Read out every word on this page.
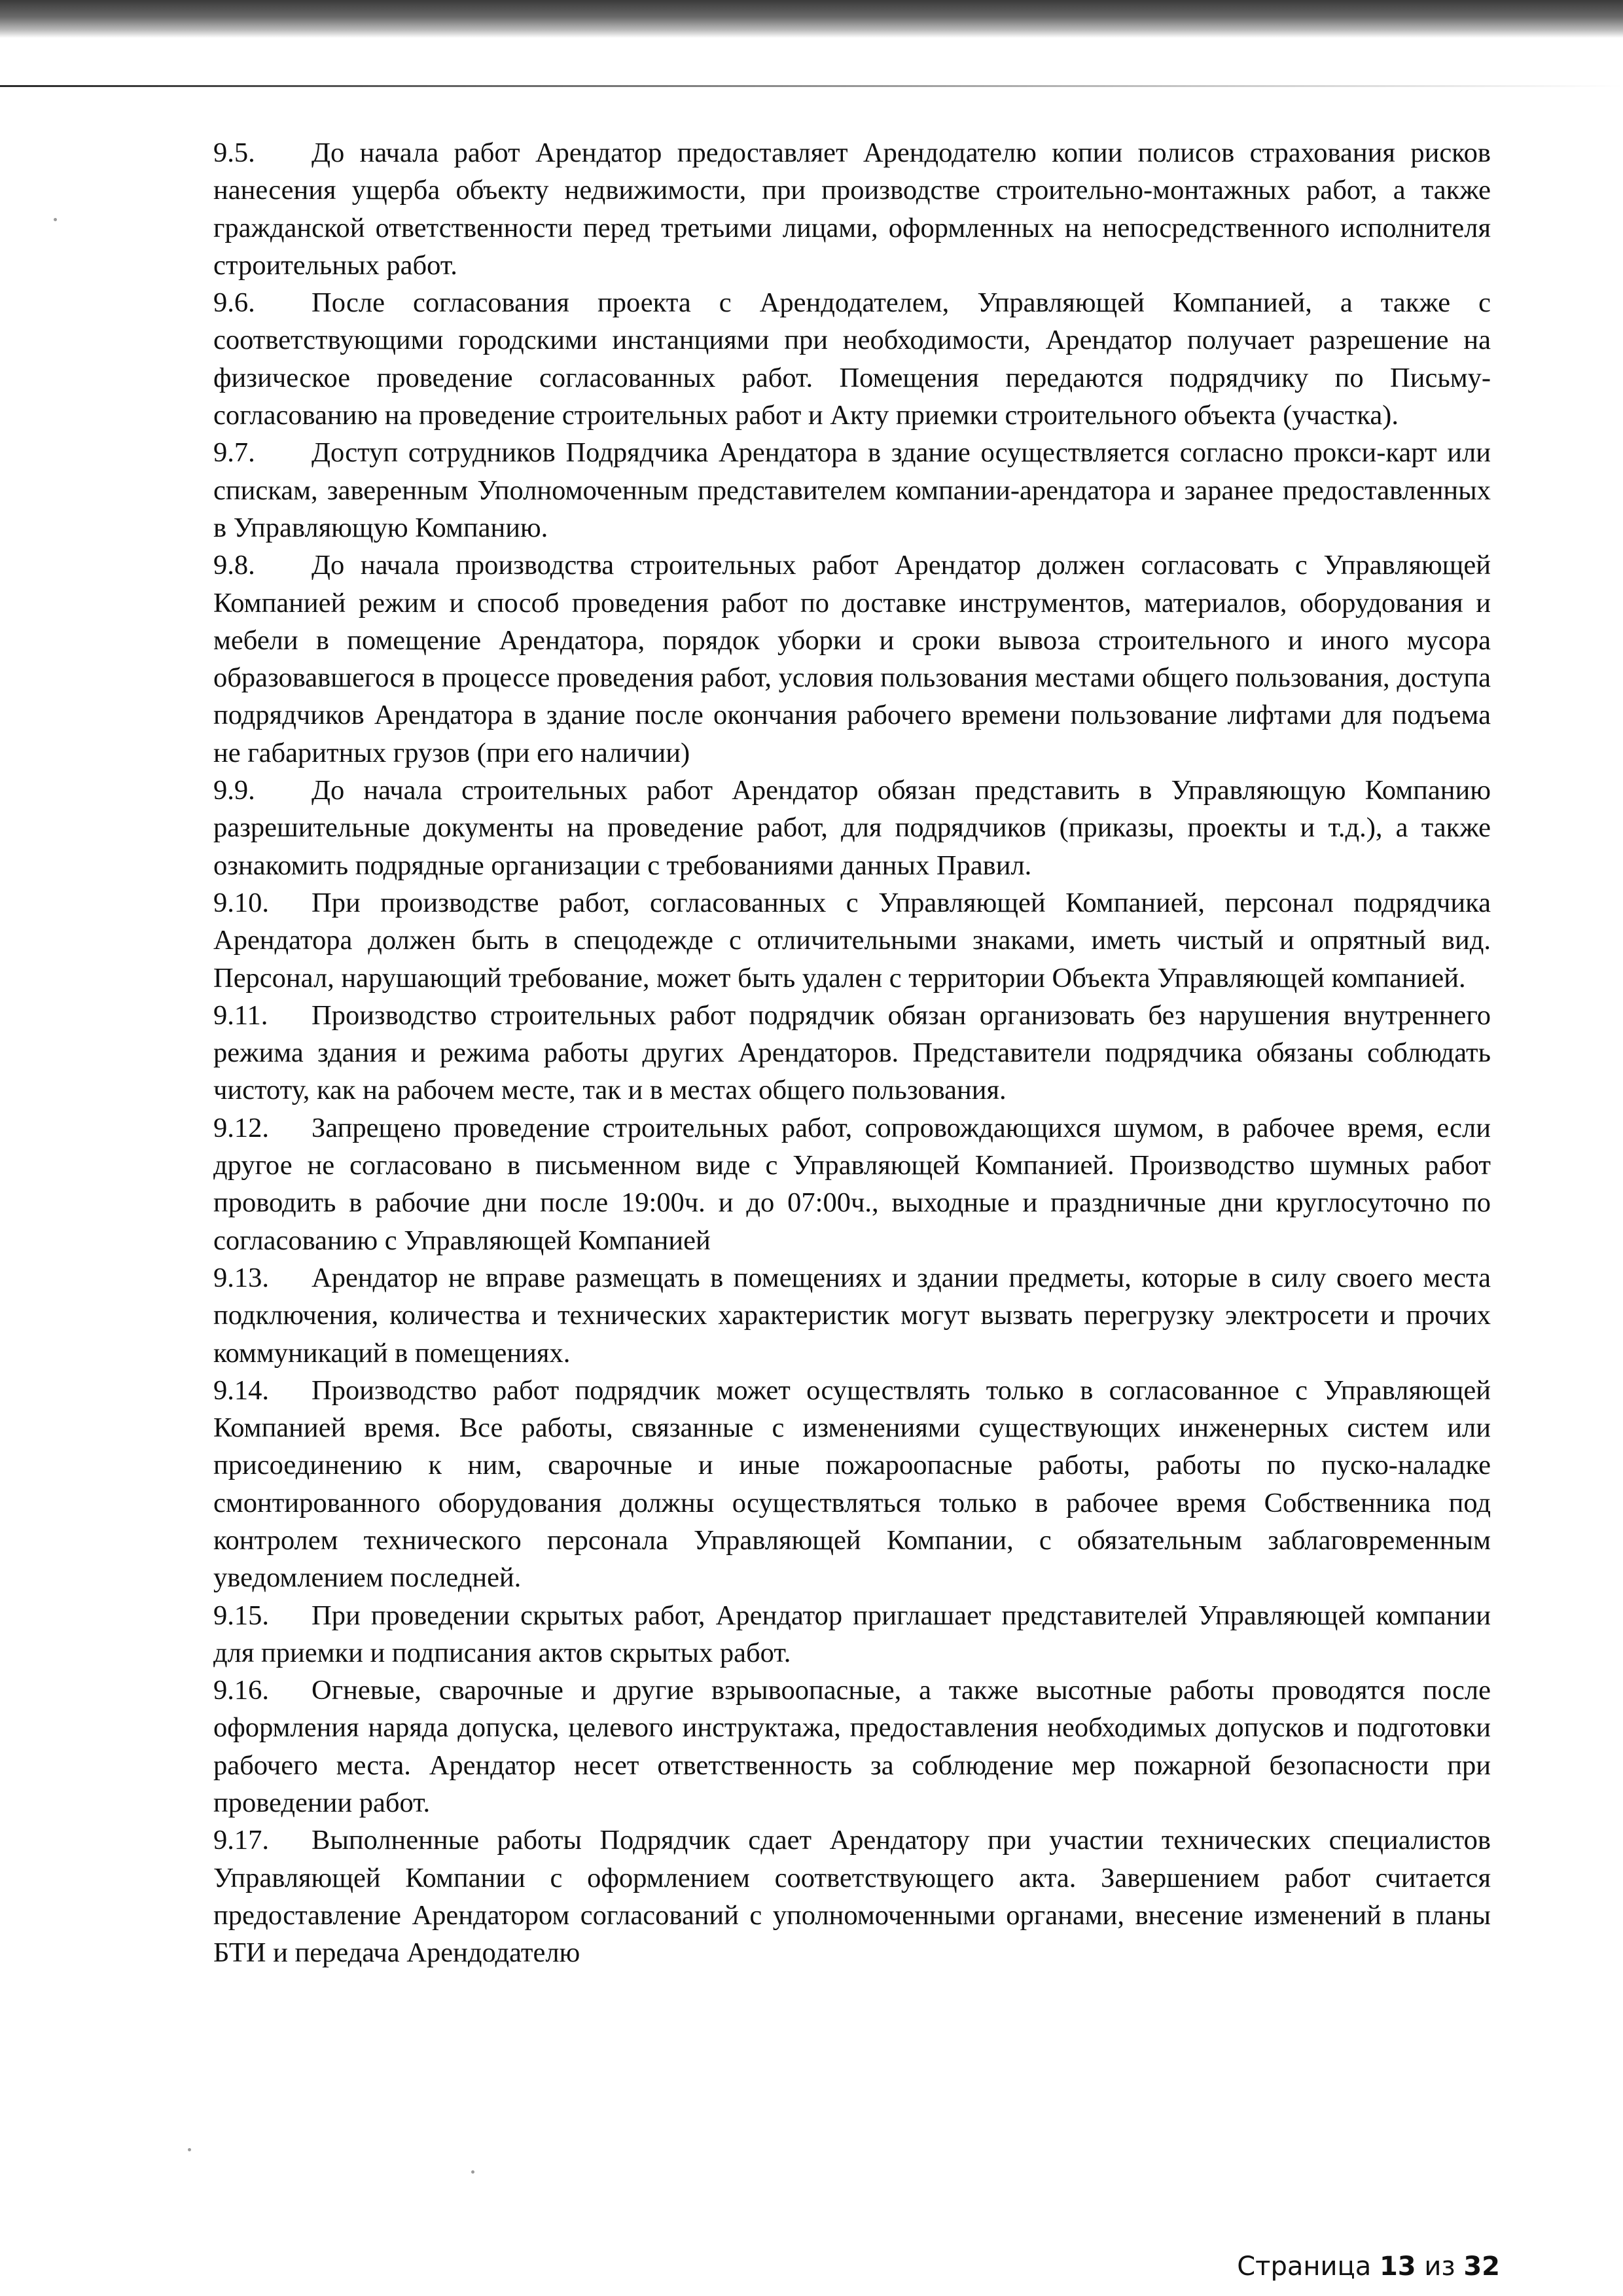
9.5. До начала работ Арендатор предоставляет Арендодателю копии полисов страхования рисков нанесения ущерба объекту недвижимости, при производстве строительно-монтажных работ, а также гражданской ответственности перед третьими лицами, оформленных на непосредственного исполнителя строительных работ.

9.6. После согласования проекта с Арендодателем, Управляющей Компанией, а также с соответствующими городскими инстанциями при необходимости, Арендатор получает разрешение на физическое проведение согласованных работ. Помещения передаются подрядчику по Письму-согласованию на проведение строительных работ и Акту приемки строительного объекта (участка).

9.7. Доступ сотрудников Подрядчика Арендатора в здание осуществляется согласно прокси-карт или спискам, заверенным Уполномоченным представителем компании-арендатора и заранее предоставленных в Управляющую Компанию.

9.8. До начала производства строительных работ Арендатор должен согласовать с Управляющей Компанией режим и способ проведения работ по доставке инструментов, материалов, оборудования и мебели в помещение Арендатора, порядок уборки и сроки вывоза строительного и иного мусора образовавшегося в процессе проведения работ, условия пользования местами общего пользования, доступа подрядчиков Арендатора в здание после окончания рабочего времени пользование лифтами для подъема не габаритных грузов (при его наличии)

9.9. До начала строительных работ Арендатор обязан представить в Управляющую Компанию разрешительные документы на проведение работ, для подрядчиков (приказы, проекты и т.д.), а также ознакомить подрядные организации с требованиями данных Правил.

9.10. При производстве работ, согласованных с Управляющей Компанией, персонал подрядчика Арендатора должен быть в спецодежде с отличительными знаками, иметь чистый и опрятный вид. Персонал, нарушающий требование, может быть удален с территории Объекта Управляющей компанией.

9.11. Производство строительных работ подрядчик обязан организовать без нарушения внутреннего режима здания и режима работы других Арендаторов. Представители подрядчика обязаны соблюдать чистоту, как на рабочем месте, так и в местах общего пользования.

9.12. Запрещено проведение строительных работ, сопровождающихся шумом, в рабочее время, если другое не согласовано в письменном виде с Управляющей Компанией. Производство шумных работ проводить в рабочие дни после 19:00ч. и до 07:00ч., выходные и праздничные дни круглосуточно по согласованию с Управляющей Компанией

9.13. Арендатор не вправе размещать в помещениях и здании предметы, которые в силу своего места подключения, количества и технических характеристик могут вызвать перегрузку электросети и прочих коммуникаций в помещениях.

9.14. Производство работ подрядчик может осуществлять только в согласованное с Управляющей Компанией время. Все работы, связанные с изменениями существующих инженерных систем или присоединению к ним, сварочные и иные пожароопасные работы, работы по пуско-наладке смонтированного оборудования должны осуществляться только в рабочее время Собственника под контролем технического персонала Управляющей Компании, с обязательным заблаговременным уведомлением последней.

9.15. При проведении скрытых работ, Арендатор приглашает представителей Управляющей компании для приемки и подписания актов скрытых работ.

9.16. Огневые, сварочные и другие взрывоопасные, а также высотные работы проводятся после оформления наряда допуска, целевого инструктажа, предоставления необходимых допусков и подготовки рабочего места. Арендатор несет ответственность за соблюдение мер пожарной безопасности при проведении работ.

9.17. Выполненные работы Подрядчик сдает Арендатору при участии технических специалистов Управляющей Компании с оформлением соответствующего акта. Завершением работ считается предоставление Арендатором согласований с уполномоченными органами, внесение изменений в планы БТИ и передача Арендодателю

Страница 13 из 32
